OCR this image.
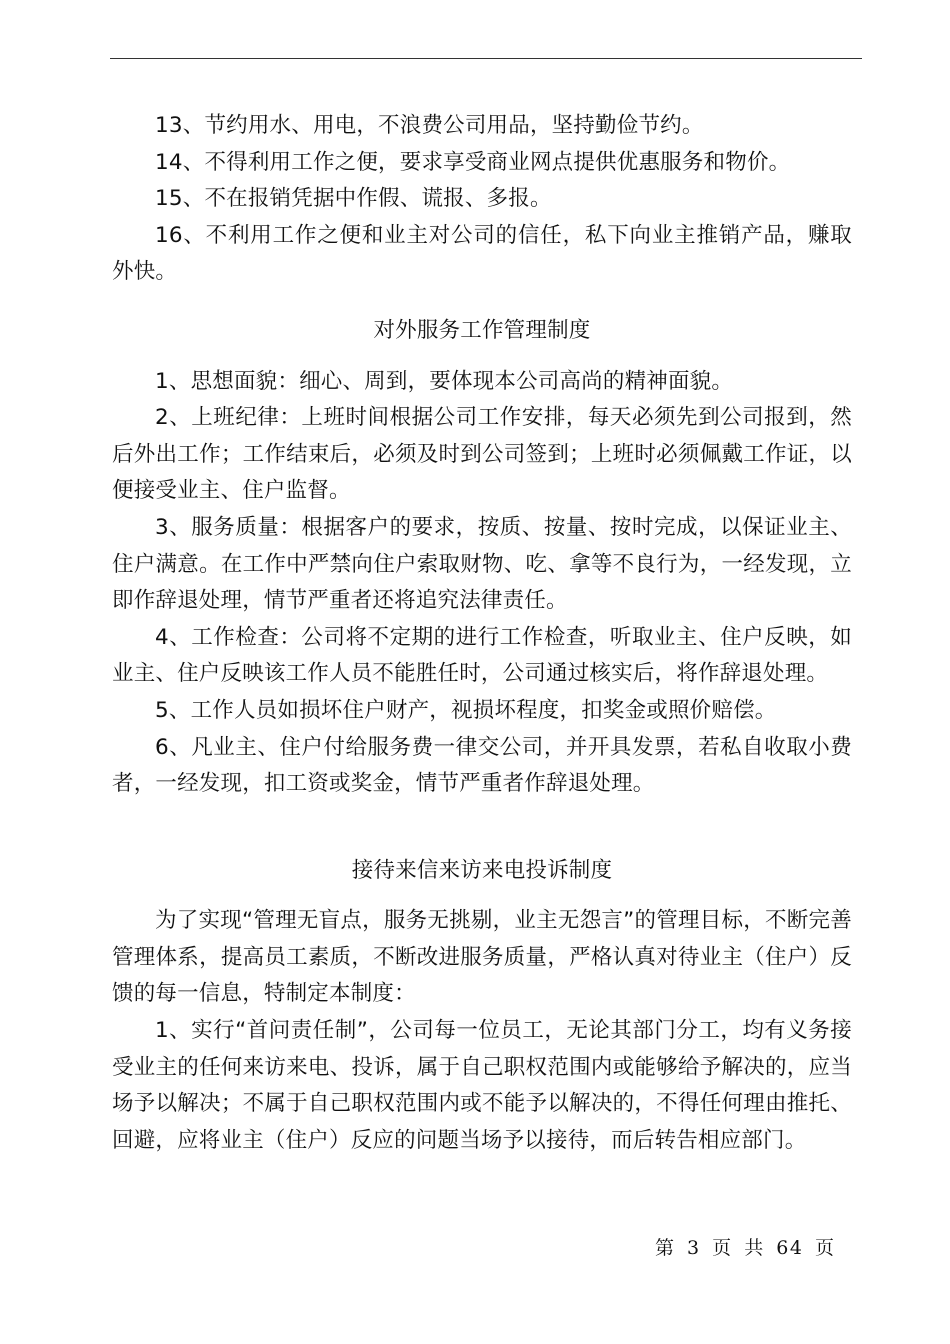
13、节约用水、用电，不浪费公司用品，坚持勤俭节约。

14、不得利用工作之便，要求享受商业网点提供优惠服务和物价。

15、不在报销凭据中作假、谎报、多报。

16、不利用工作之便和业主对公司的信任，私下向业主推销产品，赚取外快。

对外服务工作管理制度

1、思想面貌：细心、周到，要体现本公司高尚的精神面貌。

2、上班纪律：上班时间根据公司工作安排，每天必须先到公司报到，然后外出工作；工作结束后，必须及时到公司签到；上班时必须佩戴工作证，以便接受业主、住户监督。

3、服务质量：根据客户的要求，按质、按量、按时完成，以保证业主、住户满意。在工作中严禁向住户索取财物、吃、拿等不良行为，一经发现，立即作辞退处理，情节严重者还将追究法律责任。

4、工作检查：公司将不定期的进行工作检查，听取业主、住户反映，如业主、住户反映该工作人员不能胜任时，公司通过核实后，将作辞退处理。

5、工作人员如损坏住户财产，视损坏程度，扣奖金或照价赔偿。

6、凡业主、住户付给服务费一律交公司，并开具发票，若私自收取小费者，一经发现，扣工资或奖金，情节严重者作辞退处理。

接待来信来访来电投诉制度

为了实现“管理无盲点，服务无挑剔，业主无怨言”的管理目标，不断完善管理体系，提高员工素质，不断改进服务质量，严格认真对待业主（住户）反馈的每一信息，特制定本制度：

1、实行“首问责任制”，公司每一位员工，无论其部门分工，均有义务接受业主的任何来访来电、投诉，属于自己职权范围内或能够给予解决的，应当场予以解决；不属于自己职权范围内或不能予以解决的，不得任何理由推托、回避，应将业主（住户）反应的问题当场予以接待，而后转告相应部门。

第 3 页 共 64 页
